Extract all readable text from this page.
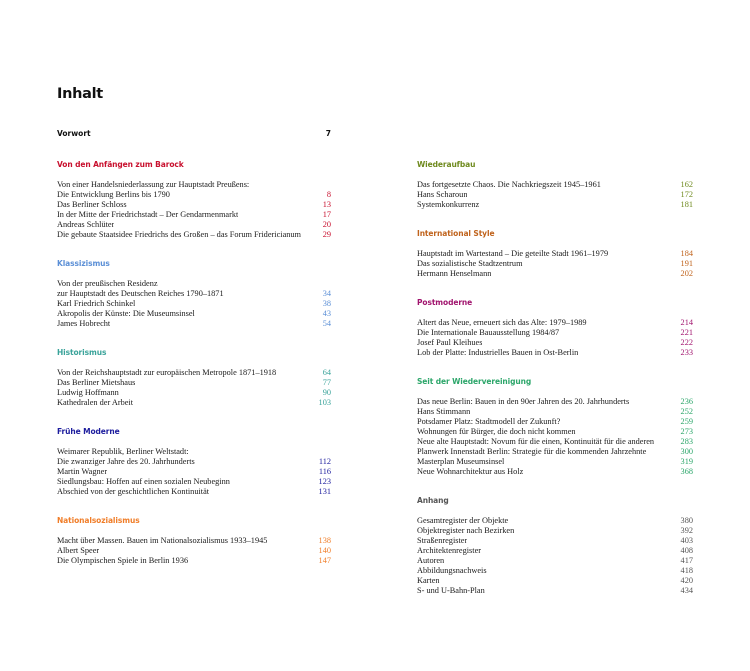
Inhalt
Vorwort	7
Von den Anfängen zum Barock
Von einer Handelsniederlassung zur Hauptstadt Preußens:
Die Entwicklung Berlins bis 1790	8
Das Berliner Schloss	13
In der Mitte der Friedrichstadt – Der Gendarmenmarkt	17
Andreas Schlüter	20
Die gebaute Staatsidee Friedrichs des Großen – das Forum Fridericianum	29
Klassizismus
Von der preußischen Residenz
zur Hauptstadt des Deutschen Reiches 1790–1871	34
Karl Friedrich Schinkel	38
Akropolis der Künste: Die Museumsinsel	43
James Hobrecht	54
Historismus
Von der Reichshauptstadt zur europäischen Metropole 1871–1918	64
Das Berliner Mietshaus	77
Ludwig Hoffmann	90
Kathedralen der Arbeit	103
Frühe Moderne
Weimarer Republik, Berliner Weltstadt:
Die zwanziger Jahre des 20. Jahrhunderts	112
Martin Wagner	116
Siedlungsbau: Hoffen auf einen sozialen Neubeginn	123
Abschied von der geschichtlichen Kontinuität	131
Nationalsozialismus
Macht über Massen. Bauen im Nationalsozialismus 1933–1945	138
Albert Speer	140
Die Olympischen Spiele in Berlin 1936	147
Wiederaufbau
Das fortgesetzte Chaos. Die Nachkriegszeit 1945–1961	162
Hans Scharoun	172
Systemkonkurrenz	181
International Style
Hauptstadt im Wartestand – Die geteilte Stadt 1961–1979	184
Das sozialistische Stadtzentrum	191
Hermann Henselmann	202
Postmoderne
Altert das Neue, erneuert sich das Alte: 1979–1989	214
Die Internationale Bauausstellung 1984/87	221
Josef Paul Kleihues	222
Lob der Platte: Industrielles Bauen in Ost-Berlin	233
Seit der Wiedervereinigung
Das neue Berlin: Bauen in den 90er Jahren des 20. Jahrhunderts	236
Hans Stimmann	252
Potsdamer Platz: Stadtmodell der Zukunft?	259
Wohnungen für Bürger, die doch nicht kommen	273
Neue alte Hauptstadt: Novum für die einen, Kontinuität für die anderen	283
Planwerk Innenstadt Berlin: Strategie für die kommenden Jahrzehnte	300
Masterplan Museumsinsel	319
Neue Wohnarchitektur aus Holz	368
Anhang
Gesamtregister der Objekte	380
Objektregister nach Bezirken	392
Straßenregister	403
Architektenregister	408
Autoren	417
Abbildungsnachweis	418
Karten	420
S- und U-Bahn-Plan	434
